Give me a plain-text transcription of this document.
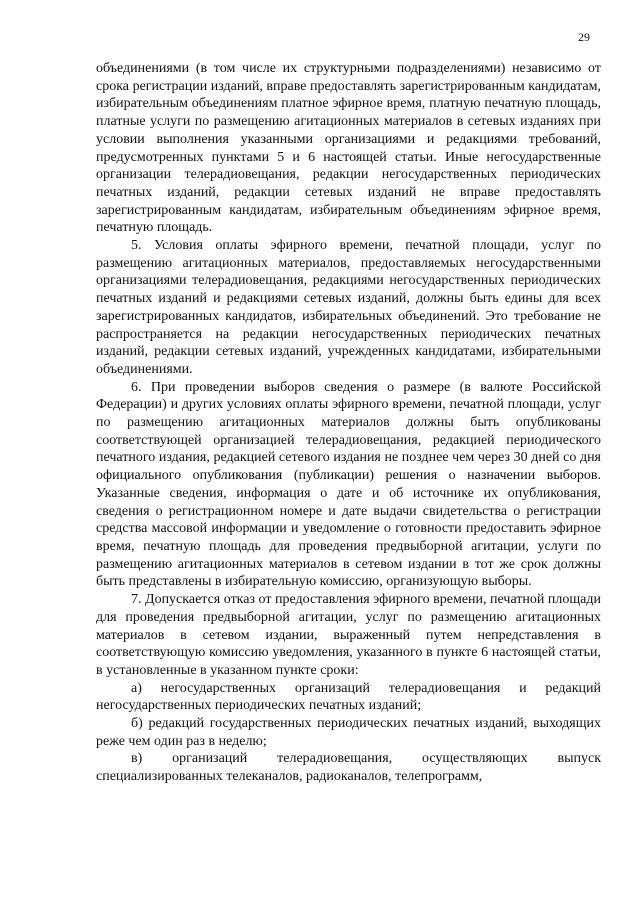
29

объединениями (в том числе их структурными подразделениями) независимо от срока регистрации изданий, вправе предоставлять зарегистрированным кандидатам, избирательным объединениям платное эфирное время, платную печатную площадь, платные услуги по размещению агитационных материалов в сетевых изданиях при условии выполнения указанными организациями и редакциями требований, предусмотренных пунктами 5 и 6 настоящей статьи. Иные негосударственные организации телерадиовещания, редакции негосударственных периодических печатных изданий, редакции сетевых изданий не вправе предоставлять зарегистрированным кандидатам, избирательным объединениям эфирное время, печатную площадь.

5. Условия оплаты эфирного времени, печатной площади, услуг по размещению агитационных материалов, предоставляемых негосударственными организациями телерадиовещания, редакциями негосударственных периодических печатных изданий и редакциями сетевых изданий, должны быть едины для всех зарегистрированных кандидатов, избирательных объединений. Это требование не распространяется на редакции негосударственных периодических печатных изданий, редакции сетевых изданий, учрежденных кандидатами, избирательными объединениями.

6. При проведении выборов сведения о размере (в валюте Российской Федерации) и других условиях оплаты эфирного времени, печатной площади, услуг по размещению агитационных материалов должны быть опубликованы соответствующей организацией телерадиовещания, редакцией периодического печатного издания, редакцией сетевого издания не позднее чем через 30 дней со дня официального опубликования (публикации) решения о назначении выборов. Указанные сведения, информация о дате и об источнике их опубликования, сведения о регистрационном номере и дате выдачи свидетельства о регистрации средства массовой информации и уведомление о готовности предоставить эфирное время, печатную площадь для проведения предвыборной агитации, услуги по размещению агитационных материалов в сетевом издании в тот же срок должны быть представлены в избирательную комиссию, организующую выборы.

7. Допускается отказ от предоставления эфирного времени, печатной площади для проведения предвыборной агитации, услуг по размещению агитационных материалов в сетевом издании, выраженный путем непредставления в соответствующую комиссию уведомления, указанного в пункте 6 настоящей статьи, в установленные в указанном пункте сроки:

а) негосударственных организаций телерадиовещания и редакций негосударственных периодических печатных изданий;

б) редакций государственных периодических печатных изданий, выходящих реже чем один раз в неделю;

в) организаций телерадиовещания, осуществляющих выпуск специализированных телеканалов, радиоканалов, телепрограмм,
